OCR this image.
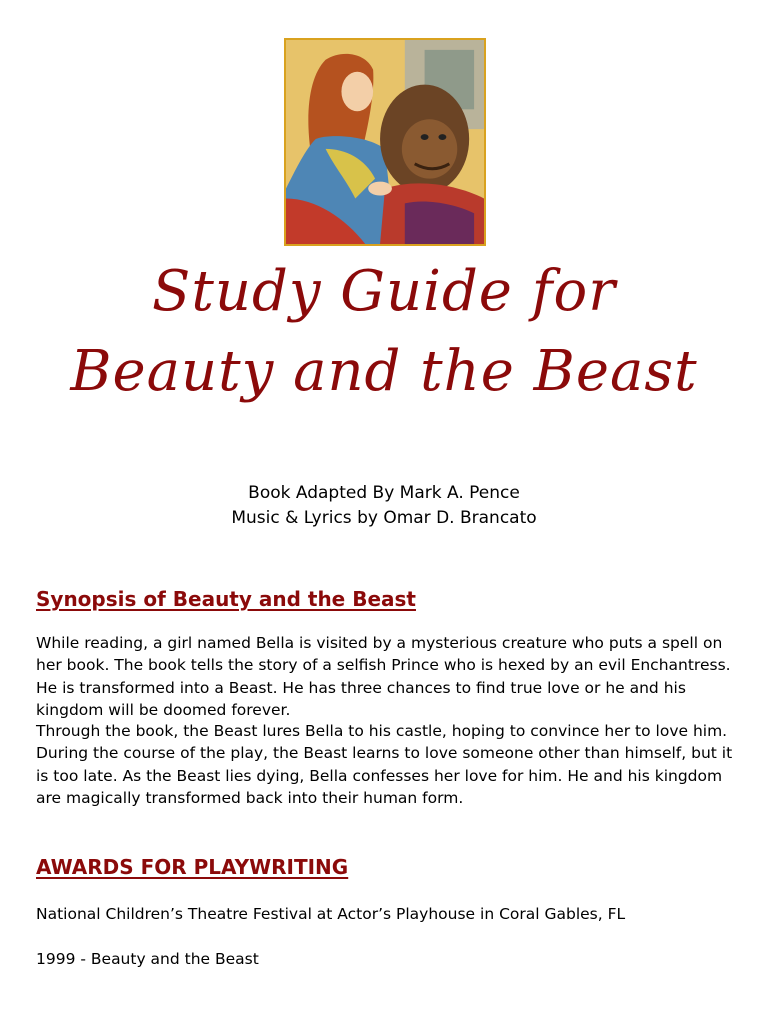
Study Guide for
Beauty and the Beast
Book Adapted By Mark A. Pence
Music & Lyrics by Omar D. Brancato
Synopsis of Beauty and the Beast

While reading, a girl named Bella is visited by a mysterious creature who puts a spell on her book. The book tells the story of a selfish Prince who is hexed by an evil Enchantress. He is transformed into a Beast. He has three chances to find true love or he and his kingdom will be doomed forever.

Through the book, the Beast lures Bella to his castle, hoping to convince her to love him. During the course of the play, the Beast learns to love someone other than himself, but it is too late. As the Beast lies dying, Bella confesses her love for him. He and his kingdom are magically transformed back into their human form.

AWARDS FOR PLAYWRITING

National Children’s Theatre Festival at Actor’s Playhouse in Coral Gables, FL

1999 - Beauty and the Beast
